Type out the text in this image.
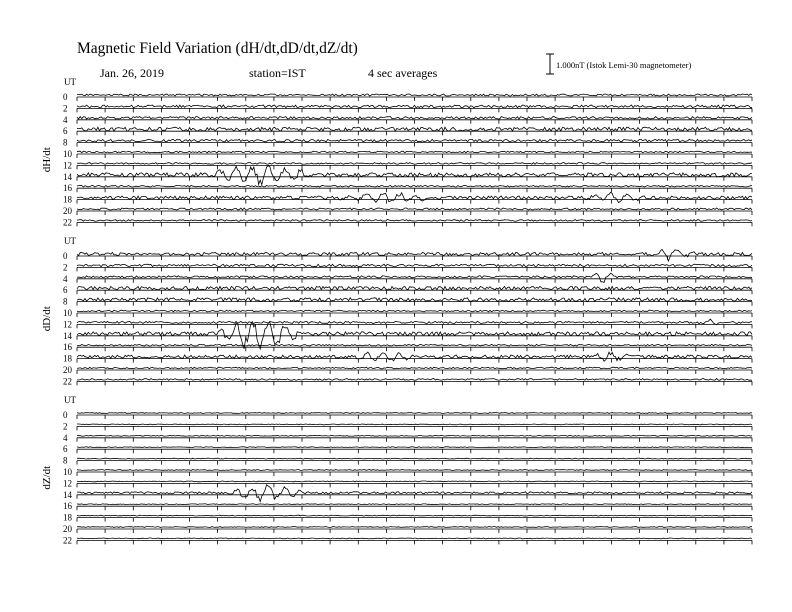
Magnetic Field Variation (dH/dt,dD/dt,dZ/dt)
Jan. 26, 2019	station=IST	4 sec averages
1.000nT (Istok Lemi-30 magnetometer)
UT
dH/dt
0
2
4
6
8
10
12
14
16
18
20
22
UT
dD/dt
0
2
4
6
8
10
12
14
16
18
20
22
UT
dZ/dt
0
2
4
6
8
10
12
14
16
18
20
22
